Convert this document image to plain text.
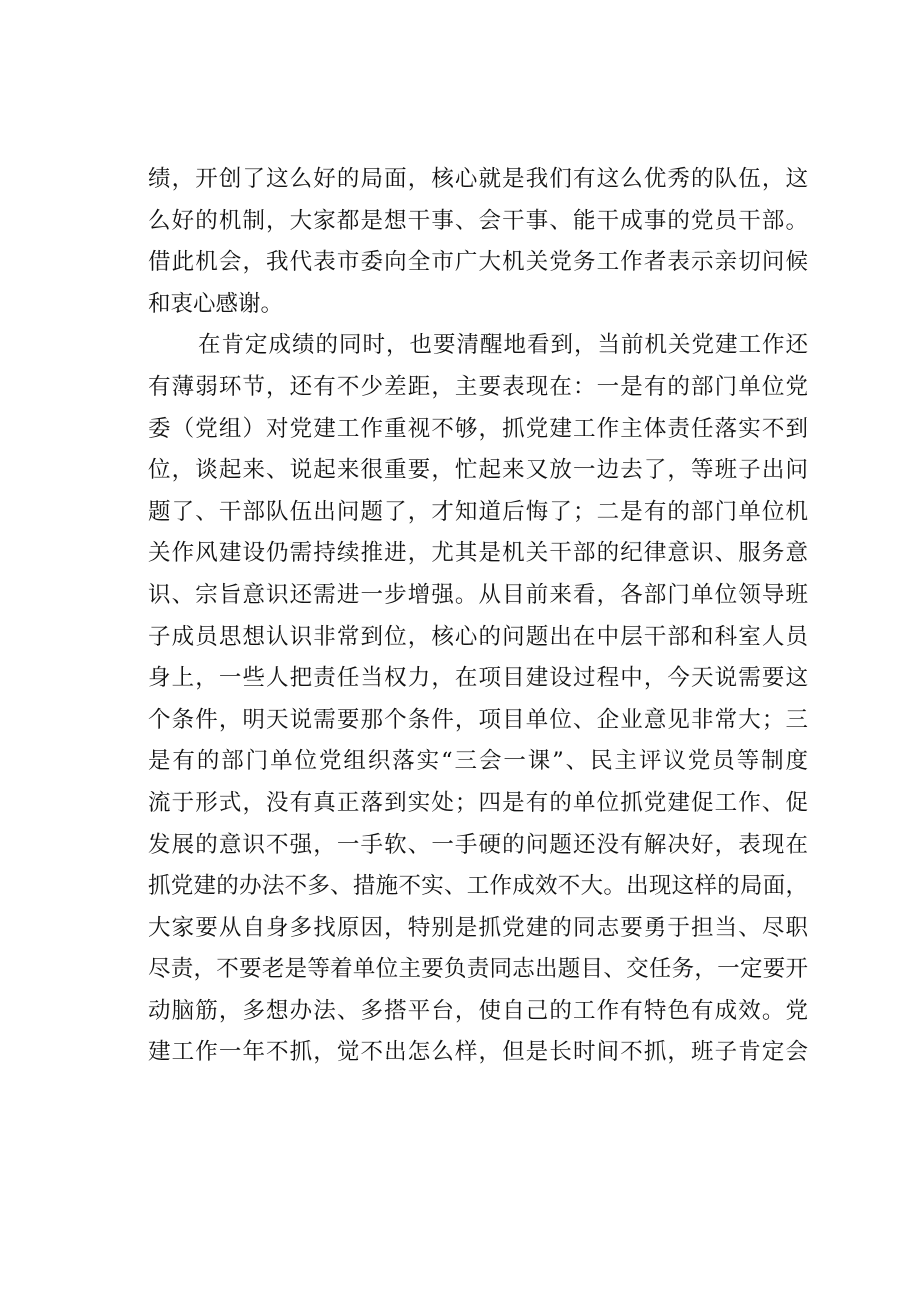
绩，开创了这么好的局面，核心就是我们有这么优秀的队伍，这
么好的机制，大家都是想干事、会干事、能干成事的党员干部。
借此机会，我代表市委向全市广大机关党务工作者表示亲切问候
和衷心感谢。
在肯定成绩的同时，也要清醒地看到，当前机关党建工作还
有薄弱环节，还有不少差距，主要表现在：一是有的部门单位党
委（党组）对党建工作重视不够，抓党建工作主体责任落实不到
位，谈起来、说起来很重要，忙起来又放一边去了，等班子出问
题了、干部队伍出问题了，才知道后悔了；二是有的部门单位机
关作风建设仍需持续推进，尤其是机关干部的纪律意识、服务意
识、宗旨意识还需进一步增强。从目前来看，各部门单位领导班
子成员思想认识非常到位，核心的问题出在中层干部和科室人员
身上，一些人把责任当权力，在项目建设过程中，今天说需要这
个条件，明天说需要那个条件，项目单位、企业意见非常大；三
是有的部门单位党组织落实“三会一课”、民主评议党员等制度
流于形式，没有真正落到实处；四是有的单位抓党建促工作、促
发展的意识不强，一手软、一手硬的问题还没有解决好，表现在
抓党建的办法不多、措施不实、工作成效不大。出现这样的局面，
大家要从自身多找原因，特别是抓党建的同志要勇于担当、尽职
尽责，不要老是等着单位主要负责同志出题目、交任务，一定要开
动脑筋，多想办法、多搭平台，使自己的工作有特色有成效。党
建工作一年不抓，觉不出怎么样，但是长时间不抓，班子肯定会
